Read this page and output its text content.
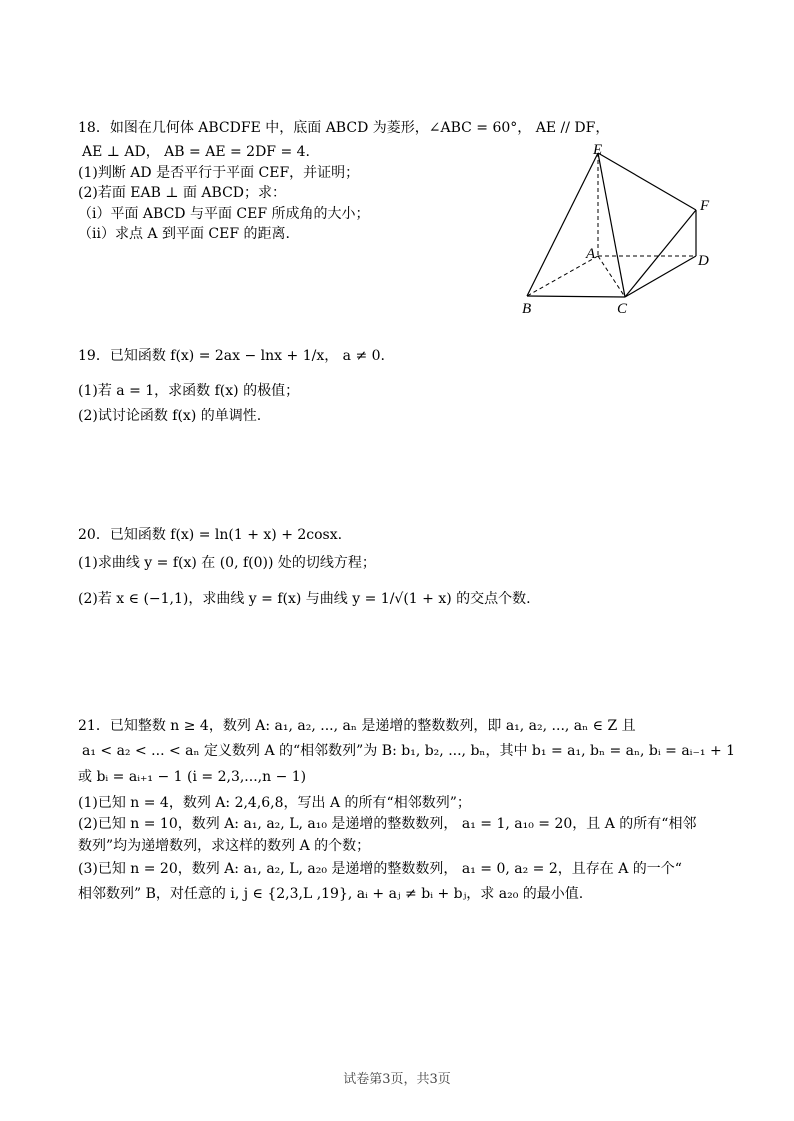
18．如图在几何体 ABCDFE 中，底面 ABCD 为菱形，∠ABC = 60°， AE // DF，
AE ⊥ AD， AB = AE = 2DF = 4.
(1)判断 AD 是否平行于平面 CEF，并证明；
(2)若面 EAB ⊥ 面 ABCD；求：
（ⅰ）平面 ABCD 与平面 CEF 所成角的大小；
（ⅱ）求点 A 到平面 CEF 的距离.
E
F
A	D
B	C
19．已知函数 f(x) = 2ax − lnx + 1/x， a ≠ 0.
(1)若 a = 1，求函数 f(x) 的极值；
(2)试讨论函数 f(x) 的单调性.
20．已知函数 f(x) = ln(1 + x) + 2cosx.
(1)求曲线 y = f(x) 在 (0, f(0)) 处的切线方程；
(2)若 x ∈ (−1,1)，求曲线 y = f(x) 与曲线 y = 1/√(1 + x) 的交点个数.
21．已知整数 n ≥ 4，数列 A: a₁, a₂, ..., aₙ 是递增的整数数列，即 a₁, a₂, ..., aₙ ∈ Z 且
a₁ < a₂ < ... < aₙ 定义数列 A 的“相邻数列”为 B: b₁, b₂, ..., bₙ，其中 b₁ = a₁, bₙ = aₙ, bᵢ = aᵢ₋₁ + 1
或 bᵢ = aᵢ₊₁ − 1 (i = 2,3,...,n − 1)
(1)已知 n = 4，数列 A: 2,4,6,8，写出 A 的所有“相邻数列”；
(2)已知 n = 10，数列 A: a₁, a₂, L, a₁₀ 是递增的整数数列， a₁ = 1, a₁₀ = 20，且 A 的所有“相邻
数列”均为递增数列，求这样的数列 A 的个数；
(3)已知 n = 20，数列 A: a₁, a₂, L, a₂₀ 是递增的整数数列， a₁ = 0, a₂ = 2，且存在 A 的一个“
相邻数列” B，对任意的 i, j ∈ {2,3,L ,19}, aᵢ + aⱼ ≠ bᵢ + bⱼ，求 a₂₀ 的最小值.
试卷第3页，共3页
